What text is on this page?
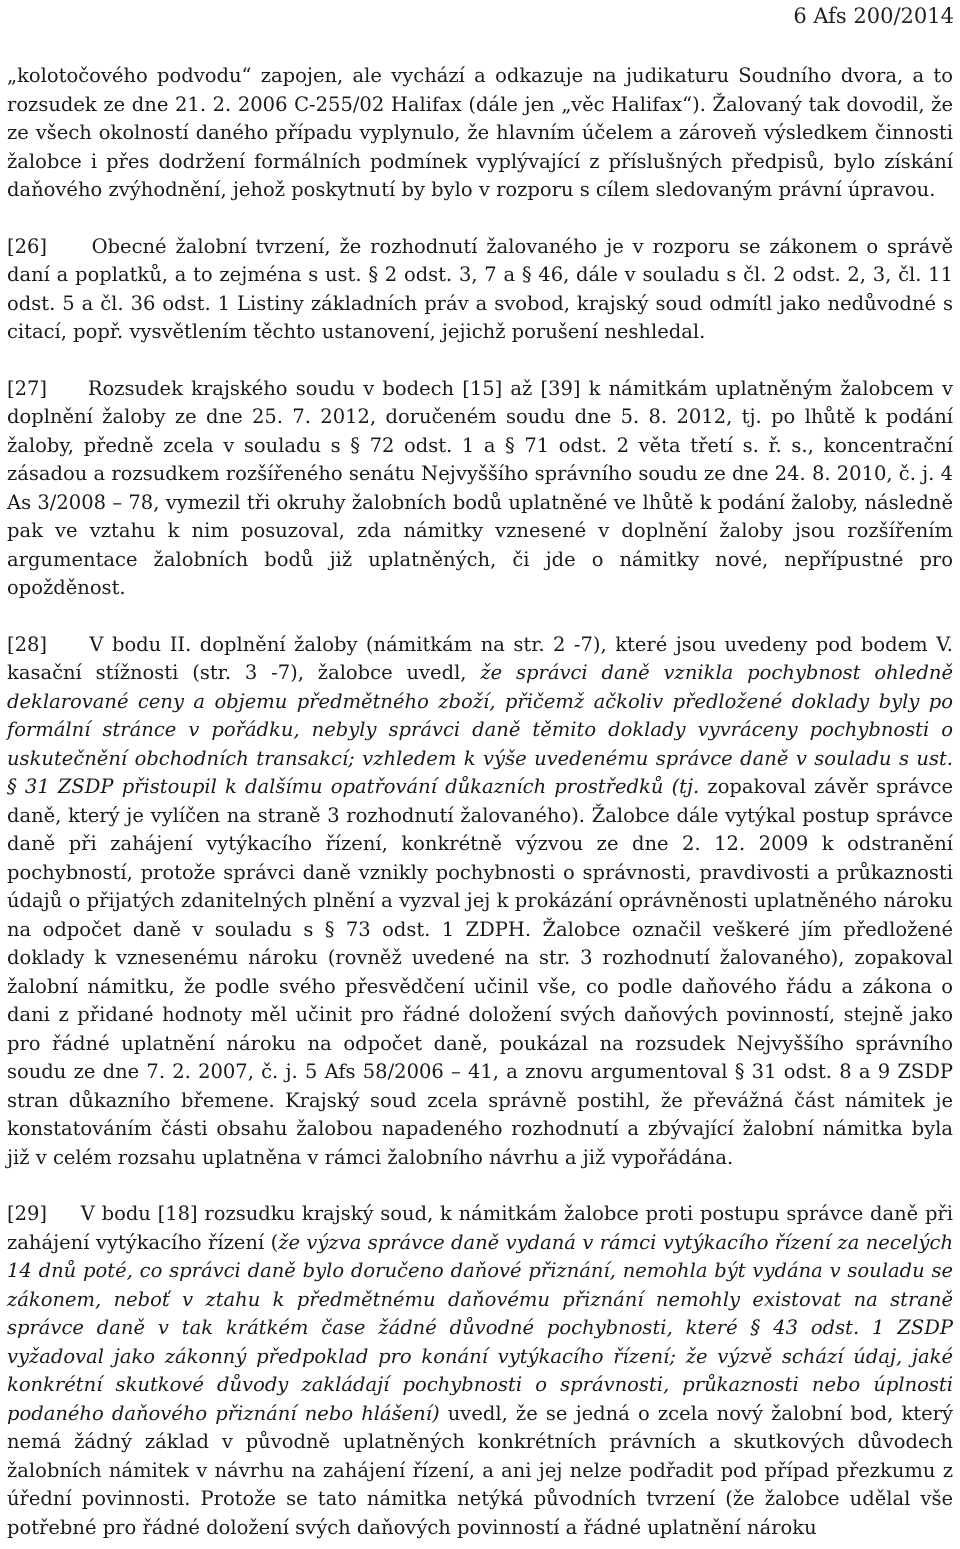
6 Afs 200/2014

„kolotočového podvodu“ zapojen, ale vychází a odkazuje na judikaturu Soudního dvora, a to rozsudek ze dne 21. 2. 2006 C-255/02 Halifax (dále jen „věc Halifax“). Žalovaný tak dovodil, že ze všech okolností daného případu vyplynulo, že hlavním účelem a zároveň výsledkem činnosti žalobce i přes dodržení formálních podmínek vyplývající z příslušných předpisů, bylo získání daňového zvýhodnění, jehož poskytnutí by bylo v rozporu s cílem sledovaným právní úpravou.

[26] Obecné žalobní tvrzení, že rozhodnutí žalovaného je v rozporu se zákonem o správě daní a poplatků, a to zejména s ust. § 2 odst. 3, 7 a § 46, dále v souladu s čl. 2 odst. 2, 3, čl. 11 odst. 5 a čl. 36 odst. 1 Listiny základních práv a svobod, krajský soud odmítl jako nedůvodné s citací, popř. vysvětlením těchto ustanovení, jejichž porušení neshledal.

[27] Rozsudek krajského soudu v bodech [15] až [39] k námitkám uplatněným žalobcem v doplnění žaloby ze dne 25. 7. 2012, doručeném soudu dne 5. 8. 2012, tj. po lhůtě k podání žaloby, předně zcela v souladu s § 72 odst. 1 a § 71 odst. 2 věta třetí s. ř. s., koncentrační zásadou a rozsudkem rozšířeného senátu Nejvyššího správního soudu ze dne 24. 8. 2010, č. j. 4 As 3/2008 – 78, vymezil tři okruhy žalobních bodů uplatněné ve lhůtě k podání žaloby, následně pak ve vztahu k nim posuzoval, zda námitky vznesené v doplnění žaloby jsou rozšířením argumentace žalobních bodů již uplatněných, či jde o námitky nové, nepřípustné pro opožděnost.

[28] V bodu II. doplnění žaloby (námitkám na str. 2 -7), které jsou uvedeny pod bodem V. kasační stížnosti (str. 3 -7), žalobce uvedl, že správci daně vznikla pochybnost ohledně deklarované ceny a objemu předmětného zboží, přičemž ačkoliv předložené doklady byly po formální stránce v pořádku, nebyly správci daně těmito doklady vyvráceny pochybnosti o uskutečnění obchodních transakcí; vzhledem k výše uvedenému správce daně v souladu s ust. § 31 ZSDP přistoupil k dalšímu opatřování důkazních prostředků (tj. zopakoval závěr správce daně, který je vylíčen na straně 3 rozhodnutí žalovaného). Žalobce dále vytýkal postup správce daně při zahájení vytýkacího řízení, konkrétně výzvou ze dne 2. 12. 2009 k odstranění pochybností, protože správci daně vznikly pochybnosti o správnosti, pravdivosti a průkaznosti údajů o přijatých zdanitelných plnění a vyzval jej k prokázání oprávněnosti uplatněného nároku na odpočet daně v souladu s § 73 odst. 1 ZDPH. Žalobce označil veškeré jím předložené doklady k vznesenému nároku (rovněž uvedené na str. 3 rozhodnutí žalovaného), zopakoval žalobní námitku, že podle svého přesvědčení učinil vše, co podle daňového řádu a zákona o dani z přidané hodnoty měl učinit pro řádné doložení svých daňových povinností, stejně jako pro řádné uplatnění nároku na odpočet daně, poukázal na rozsudek Nejvyššího správního soudu ze dne 7. 2. 2007, č. j. 5 Afs 58/2006 – 41, a znovu argumentoval § 31 odst. 8 a 9 ZSDP stran důkazního břemene. Krajský soud zcela správně postihl, že převážná část námitek je konstatováním části obsahu žalobou napadeného rozhodnutí a zbývající žalobní námitka byla již v celém rozsahu uplatněna v rámci žalobního návrhu a již vypořádána.

[29] V bodu [18] rozsudku krajský soud, k námitkám žalobce proti postupu správce daně při zahájení vytýkacího řízení (že výzva správce daně vydaná v rámci vytýkacího řízení za necelých 14 dnů poté, co správci daně bylo doručeno daňové přiznání, nemohla být vydána v souladu se zákonem, neboť v ztahu k předmětnému daňovému přiznání nemohly existovat na straně správce daně v tak krátkém čase žádné důvodné pochybnosti, které § 43 odst. 1 ZSDP vyžadoval jako zákonný předpoklad pro konání vytýkacího řízení; že výzvě schází údaj, jaké konkrétní skutkové důvody zakládají pochybnosti o správnosti, průkaznosti nebo úplnosti podaného daňového přiznání nebo hlášení) uvedl, že se jedná o zcela nový žalobní bod, který nemá žádný základ v původně uplatněných konkrétních právních a skutkových důvodech žalobních námitek v návrhu na zahájení řízení, a ani jej nelze podřadit pod případ přezkumu z úřední povinnosti. Protože se tato námitka netýká původních tvrzení (že žalobce udělal vše potřebné pro řádné doložení svých daňových povinností a řádné uplatnění nároku
